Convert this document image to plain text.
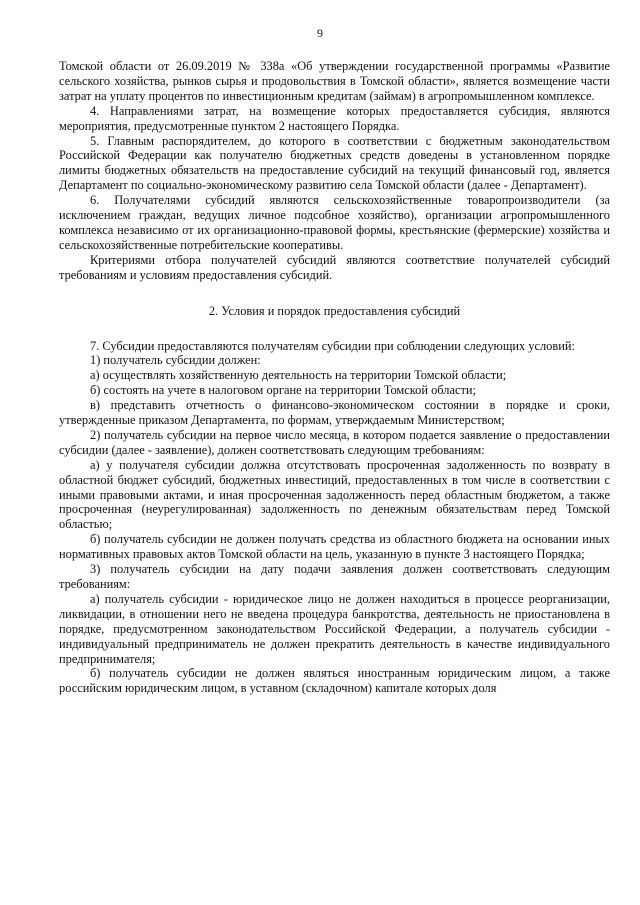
9

Томской области от 26.09.2019 № 338а «Об утверждении государственной программы «Развитие сельского хозяйства, рынков сырья и продовольствия в Томской области», является возмещение части затрат на уплату процентов по инвестиционным кредитам (займам) в агропромышленном комплексе.

4. Направлениями затрат, на возмещение которых предоставляется субсидия, являются мероприятия, предусмотренные пунктом 2 настоящего Порядка.

5. Главным распорядителем, до которого в соответствии с бюджетным законодательством Российской Федерации как получателю бюджетных средств доведены в установленном порядке лимиты бюджетных обязательств на предоставление субсидий на текущий финансовый год, является Департамент по социально-экономическому развитию села Томской области (далее - Департамент).

6. Получателями субсидий являются сельскохозяйственные товаропроизводители (за исключением граждан, ведущих личное подсобное хозяйство), организации агропромышленного комплекса независимо от их организационно-правовой формы, крестьянские (фермерские) хозяйства и сельскохозяйственные потребительские кооперативы.

Критериями отбора получателей субсидий являются соответствие получателей субсидий требованиям и условиям предоставления субсидий.

2. Условия и порядок предоставления субсидий

7. Субсидии предоставляются получателям субсидии при соблюдении следующих условий:

1) получатель субсидии должен:

а) осуществлять хозяйственную деятельность на территории Томской области;

б) состоять на учете в налоговом органе на территории Томской области;

в) представить отчетность о финансово-экономическом состоянии в порядке и сроки, утвержденные приказом Департамента, по формам, утверждаемым Министерством;

2) получатель субсидии на первое число месяца, в котором подается заявление о предоставлении субсидии (далее - заявление), должен соответствовать следующим требованиям:

а) у получателя субсидии должна отсутствовать просроченная задолженность по возврату в областной бюджет субсидий, бюджетных инвестиций, предоставленных в том числе в соответствии с иными правовыми актами, и иная просроченная задолженность перед областным бюджетом, а также просроченная (неурегулированная) задолженность по денежным обязательствам перед Томской областью;

б) получатель субсидии не должен получать средства из областного бюджета на основании иных нормативных правовых актов Томской области на цель, указанную в пункте 3 настоящего Порядка;

3) получатель субсидии на дату подачи заявления должен соответствовать следующим требованиям:

а) получатель субсидии - юридическое лицо не должен находиться в процессе реорганизации, ликвидации, в отношении него не введена процедура банкротства, деятельность не приостановлена в порядке, предусмотренном законодательством Российской Федерации, а получатель субсидии - индивидуальный предприниматель не должен прекратить деятельность в качестве индивидуального предпринимателя;

б) получатель субсидии не должен являться иностранным юридическим лицом, а также российским юридическим лицом, в уставном (складочном) капитале которых доля
